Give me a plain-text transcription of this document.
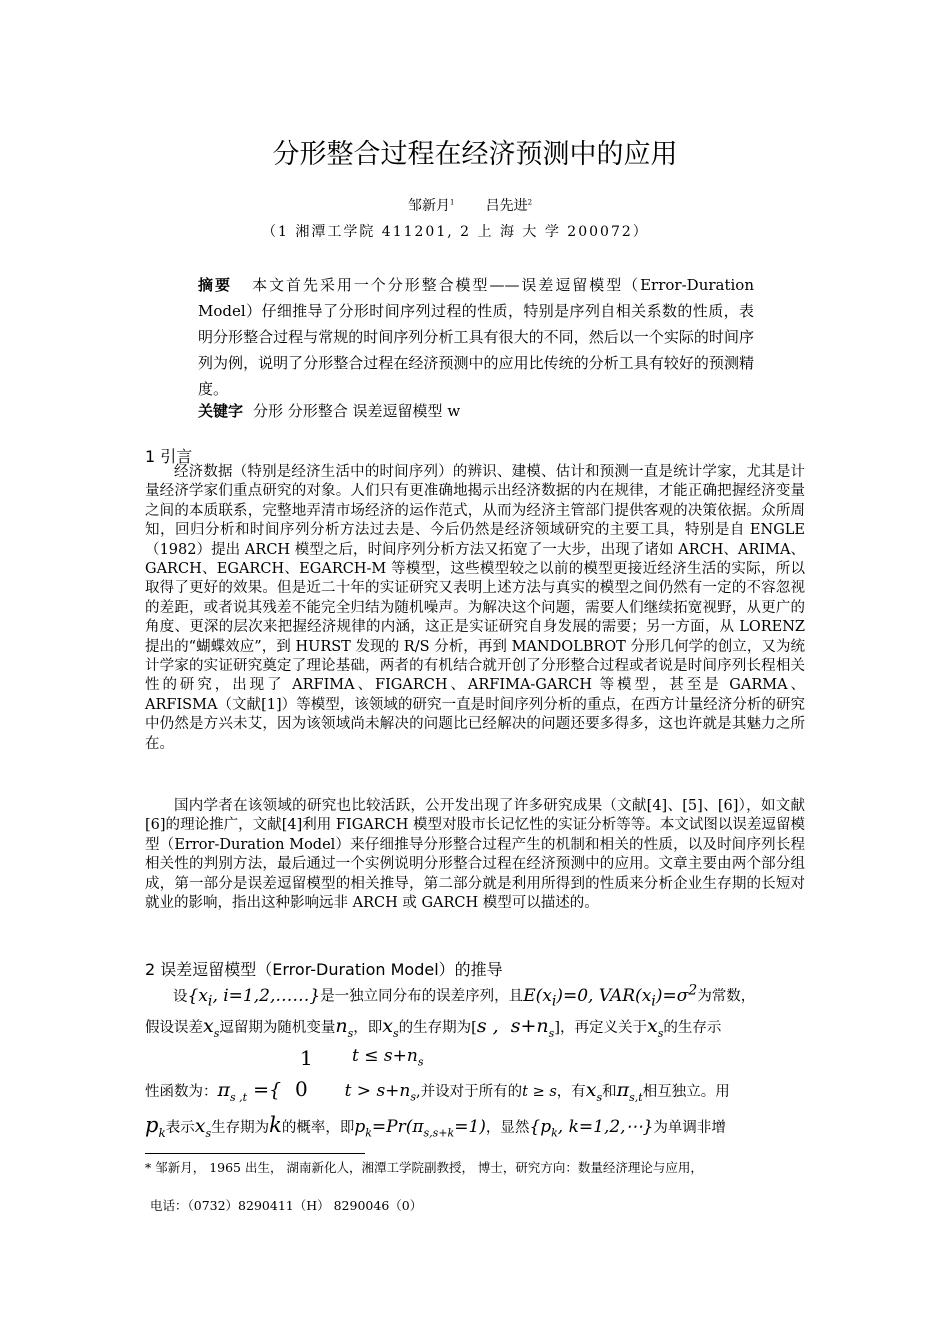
分形整合过程在经济预测中的应用
邹新月$^1$ 吕先进$^2$
（1 湘潭工学院 411201, 2 上 海 大 学 200072）
摘要 本文首先采用一个分形整合模型——误差逗留模型（Error-Duration Model）仔细推导了分形时间序列过程的性质，特别是序列自相关系数的性质，表明分形整合过程与常规的时间序列分析工具有很大的不同，然后以一个实际的时间序列为例，说明了分形整合过程在经济预测中的应用比传统的分析工具有较好的预测精度。
关键字 分形 分形整合 误差逗留模型 w
1 引言
经济数据（特别是经济生活中的时间序列）的辨识、建模、估计和预测一直是统计学家，尤其是计量经济学家们重点研究的对象。人们只有更准确地揭示出经济数据的内在规律，才能正确把握经济变量之间的本质联系，完整地弄清市场经济的运作范式，从而为经济主管部门提供客观的决策依据。众所周知，回归分析和时间序列分析方法过去是、今后仍然是经济领域研究的主要工具，特别是自 ENGLE（1982）提出 ARCH 模型之后，时间序列分析方法又拓宽了一大步，出现了诸如 ARCH、ARIMA、GARCH、EGARCH、EGARCH-M 等模型，这些模型较之以前的模型更接近经济生活的实际，所以取得了更好的效果。但是近二十年的实证研究又表明上述方法与真实的模型之间仍然有一定的不容忽视的差距，或者说其残差不能完全归结为随机噪声。为解决这个问题，需要人们继续拓宽视野，从更广的角度、更深的层次来把握经济规律的内涵，这正是实证研究自身发展的需要；另一方面，从 LORENZ 提出的“蝴蝶效应”，到 HURST 发现的 R/S 分析，再到 MANDOLBROT 分形几何学的创立，又为统计学家的实证研究奠定了理论基础，两者的有机结合就开创了分形整合过程或者说是时间序列长程相关性的研究，出现了 ARFIMA、FIGARCH、ARFIMA-GARCH 等模型，甚至是 GARMA、ARFISMA（文献[1]）等模型，该领域的研究一直是时间序列分析的重点，在西方计量经济分析的研究中仍然是方兴未艾，因为该领域尚未解决的问题比已经解决的问题还要多得多，这也许就是其魅力之所在。
国内学者在该领域的研究也比较活跃，公开发出现了许多研究成果（文献[4]、[5]、[6]），如文献[6]的理论推广，文献[4]利用 FIGARCH 模型对股市长记忆性的实证分析等等。本文试图以误差逗留模型（Error-Duration Model）来仔细推导分形整合过程产生的机制和相关的性质，以及时间序列长程相关性的判别方法，最后通过一个实例说明分形整合过程在经济预测中的应用。文章主要由两个部分组成，第一部分是误差逗留模型的相关推导，第二部分就是利用所得到的性质来分析企业生存期的长短对就业的影响，指出这种影响远非 ARCH 或 GARCH 模型可以描述的。
2 误差逗留模型（Error-Duration Model）的推导
设{$x_i$, i=1,2,……}是一独立同分布的误差序列，且$E(x_i)=0$, $VAR(x_i)=\sigma^2$为常数，
假设误差$x_s$逗留期为随机变量$n_s$，即$x_s$的生存期为[s ,  $s+n_s$]，再定义关于$x_s$的生存示
1 $t \le s+n_s$
性函数为：$\pi_{s ,t}$ ={ 0 $t > s+n_s$,并设对于所有的t ≥ s，有$x_s$和$\pi_{s,t}$相互独立。用
$p_k$表示$x_s$生存期为k的概率，即$p_k=Pr(\pi_{s,s+k}=1)$，显然{$p_k$, k=1,2,⋯}为单调非增
* 邹新月， 1965 出生， 湖南新化人，湘潭工学院副教授， 博士，研究方向：数量经济理论与应用，
电话：（0732）8290411（H） 8290046（0）
